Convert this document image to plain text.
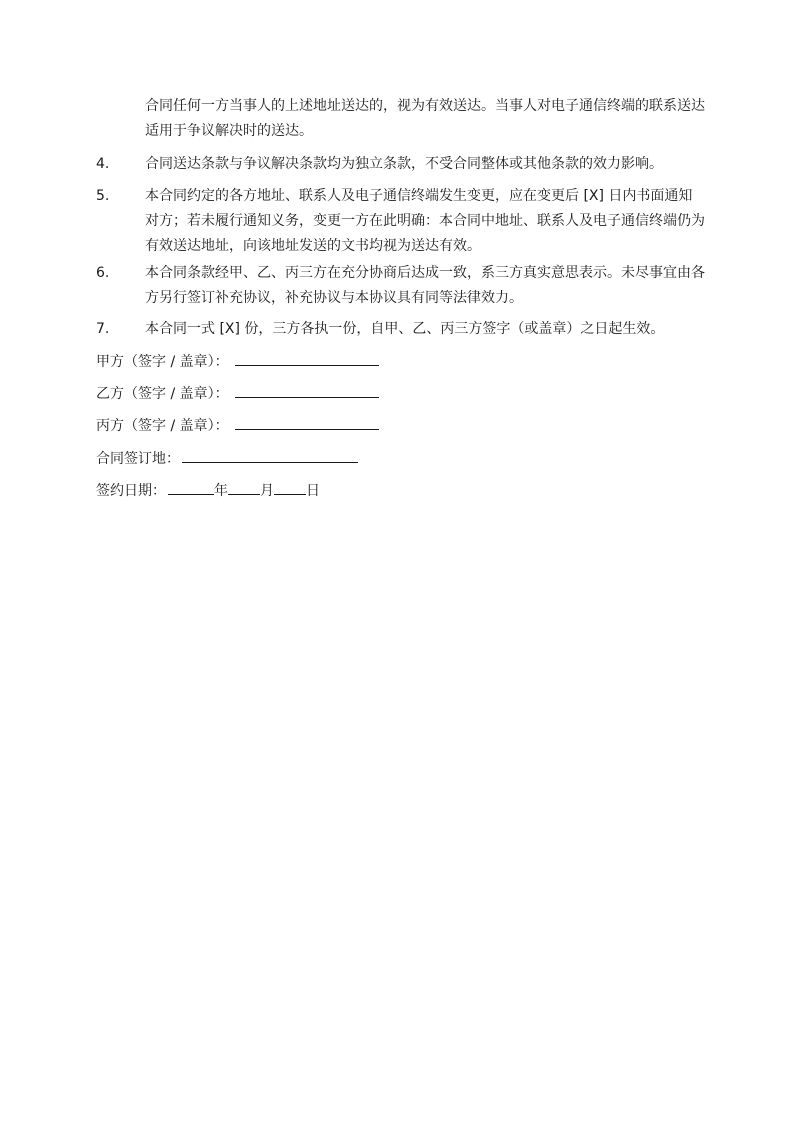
合同任何一方当事人的上述地址送达的，视为有效送达。当事人对电子通信终端的联系送达适用于争议解决时的送达。

4.	合同送达条款与争议解决条款均为独立条款，不受合同整体或其他条款的效力影响。

5.	本合同约定的各方地址、联系人及电子通信终端发生变更，应在变更后 [X] 日内书面通知对方；若未履行通知义务，变更一方在此明确：本合同中地址、联系人及电子通信终端仍为有效送达地址，向该地址发送的文书均视为送达有效。

6.	本合同条款经甲、乙、丙三方在充分协商后达成一致，系三方真实意思表示。未尽事宜由各方另行签订补充协议，补充协议与本协议具有同等法律效力。

7.	本合同一式 [X] 份，三方各执一份，自甲、乙、丙三方签字（或盖章）之日起生效。

甲方（签字 / 盖章）：
乙方（签字 / 盖章）：
丙方（签字 / 盖章）：
合同签订地：
签约日期：	年 月 日
